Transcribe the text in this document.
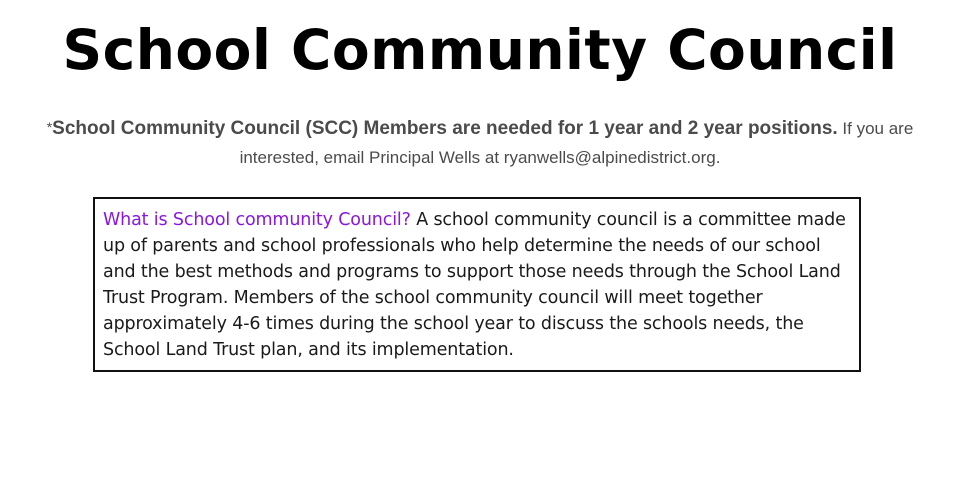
School Community Council
*School Community Council (SCC) Members are needed for 1 year and 2 year positions. If you are interested, email Principal Wells at ryanwells@alpinedistrict.org.
What is School community Council? A school community council is a committee made up of parents and school professionals who help determine the needs of our school and the best methods and programs to support those needs through the School Land Trust Program. Members of the school community council will meet together approximately 4-6 times during the school year to discuss the schools needs, the School Land Trust plan, and its implementation.
